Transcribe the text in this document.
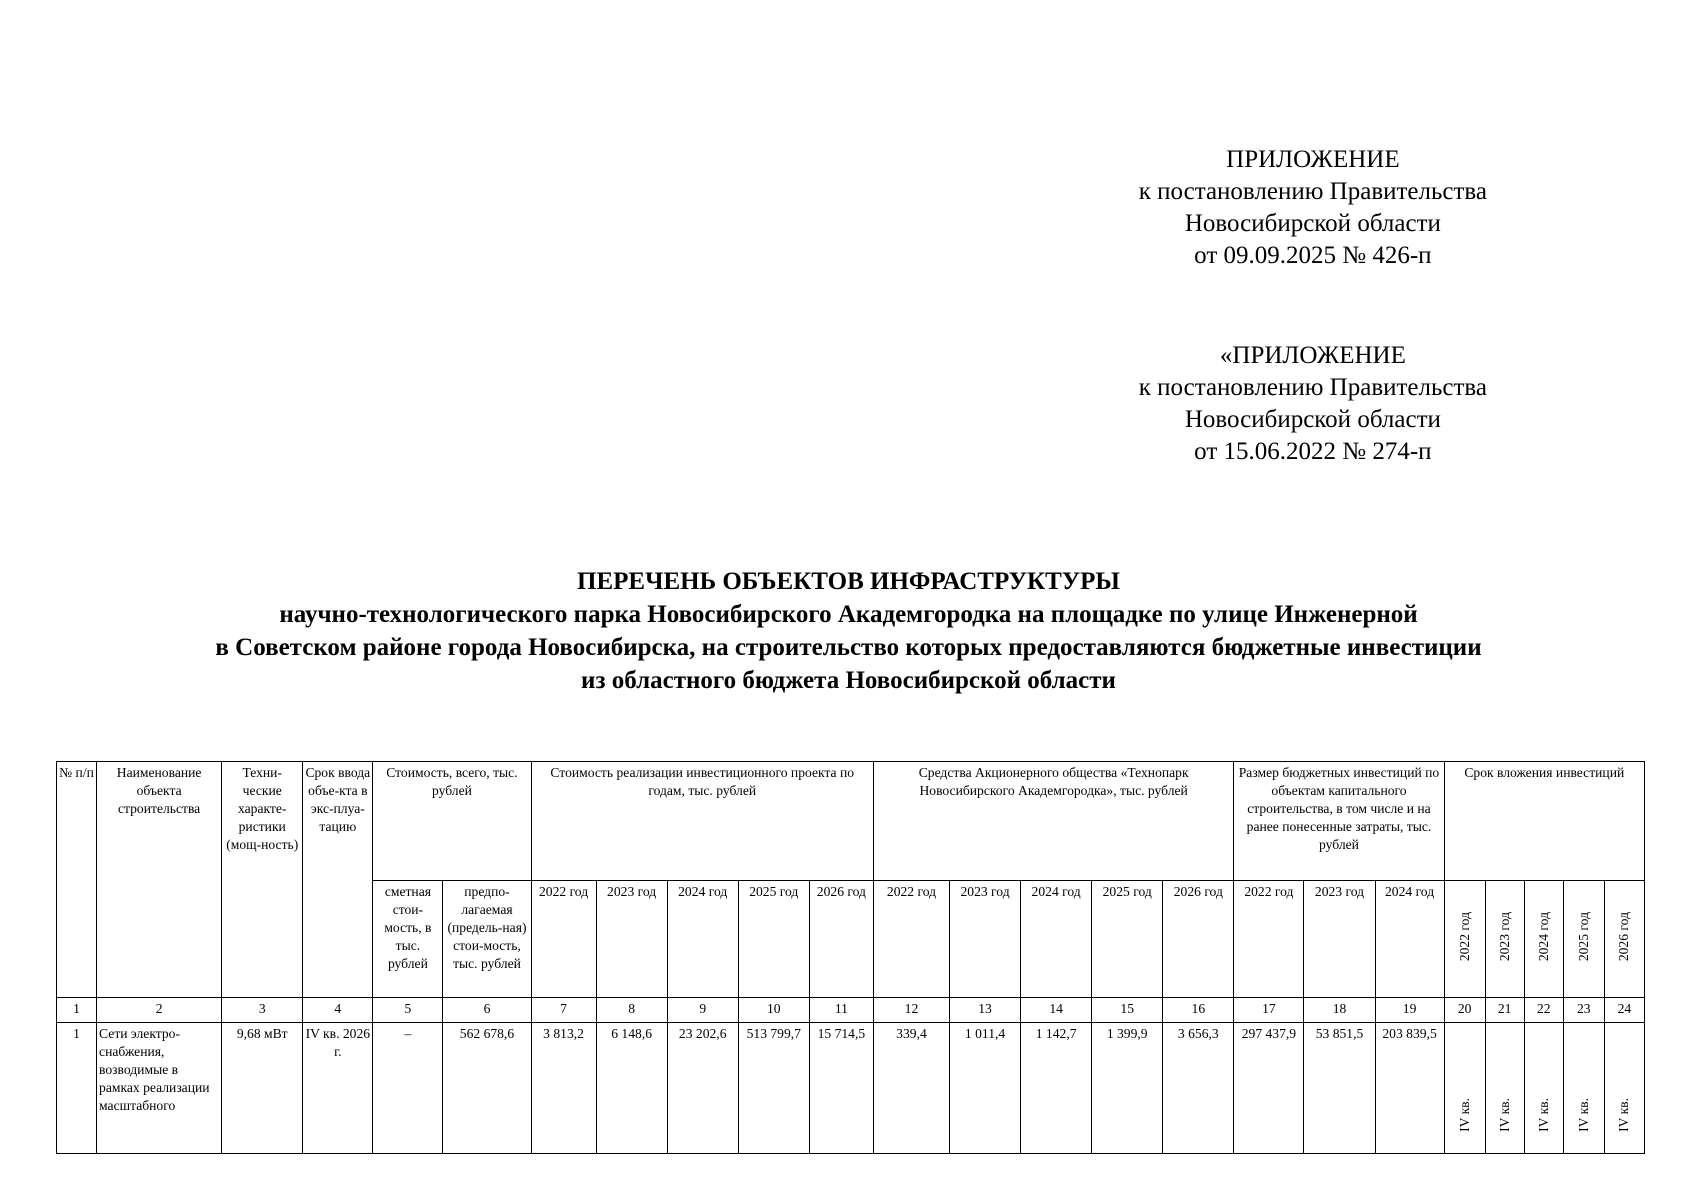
ПРИЛОЖЕНИЕ
к постановлению Правительства
Новосибирской области
от 09.09.2025 № 426-п
«ПРИЛОЖЕНИЕ
к постановлению Правительства
Новосибирской области
от 15.06.2022 № 274-п
ПЕРЕЧЕНЬ ОБЪЕКТОВ ИНФРАСТРУКТУРЫ
научно-технологического парка Новосибирского Академгородка на площадке по улице Инженерной
в Советском районе города Новосибирска, на строительство которых предоставляются бюджетные инвестиции
из областного бюджета Новосибирской области
№ п/п	Наименование объекта строительства	Техни-ческие характе-ристики (мощ-ность)	Срок ввода объе-кта в экс-плуа-тацию	Стоимость, всего, тыс. рублей		Стоимость реализации инвестиционного проекта по годам, тыс. рублей					Средства Акционерного общества «Технопарк Новосибирского Академгородка», тыс. рублей					Размер бюджетных инвестиций по объектам капитального строительства, в том числе и на ранее понесенные затраты, тыс. рублей			Срок вложения инвестиций				
				сметная стои-мость, в тыс. рублей	предпо-лагаемая (предель-ная) стои-мость, тыс. рублей	2022 год	2023 год	2024 год	2025 год	2026 год	2022 год	2023 год	2024 год	2025 год	2026 год	2022 год	2023 год	2024 год	2022 год	2023 год	2024 год	2025 год	2026 год
1	2	3	4	5	6	7	8	9	10	11	12	13	14	15	16	17	18	19	20	21	22	23	24
1	Сети электро-снабжения, возводимые в рамках реализации масштабного	9,68 мВт	IV кв. 2026 г.	–	562 678,6	3 813,2	6 148,6	23 202,6	513 799,7	15 714,5	339,4	1 011,4	1 142,7	1 399,9	3 656,3	297 437,9	53 851,5	203 839,5	IV кв.	IV кв.	IV кв.	IV кв.	IV кв.
